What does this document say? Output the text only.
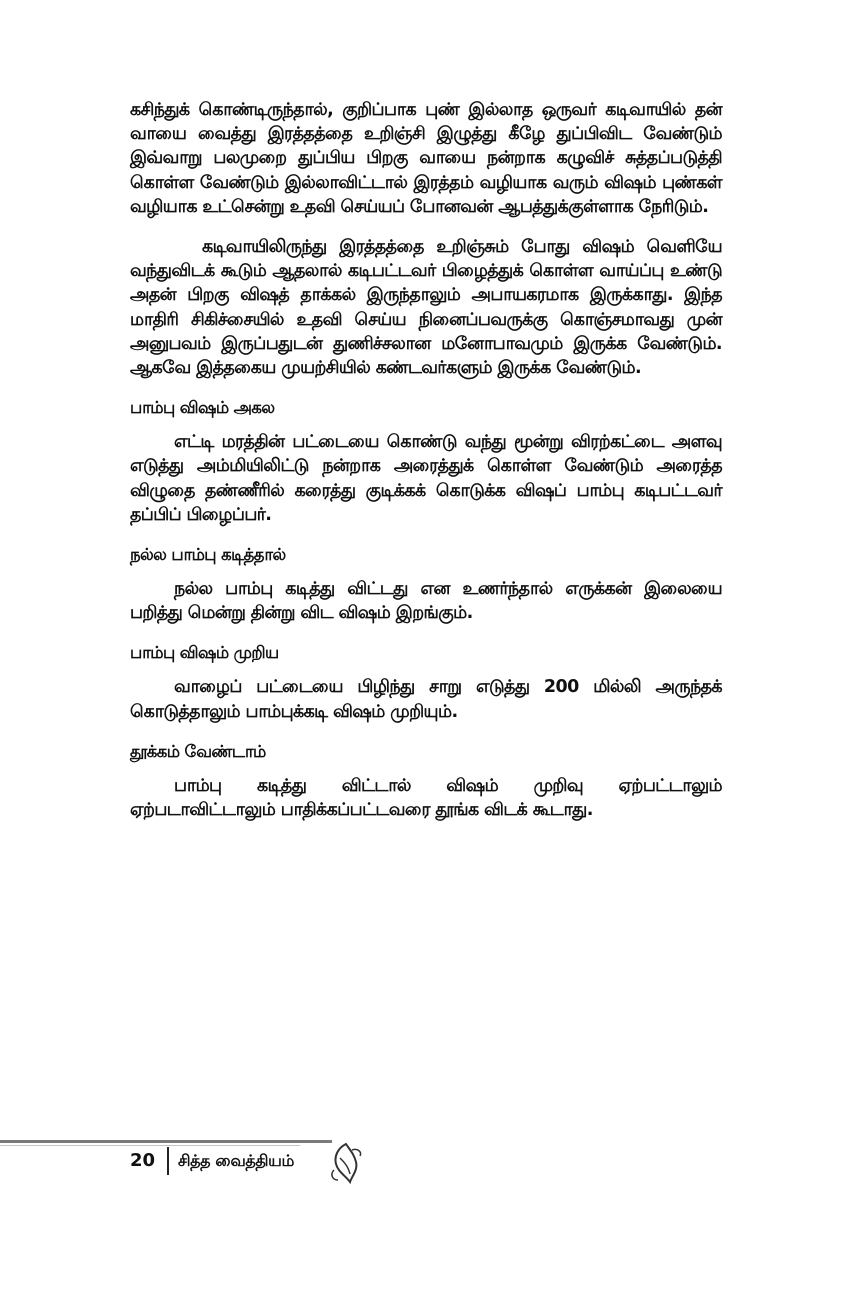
கசிந்துக் கொண்டிருந்தால், குறிப்பாக புண் இல்லாத ஒருவர் கடிவாயில் தன் வாயை வைத்து இரத்தத்தை உறிஞ்சி இழுத்து கீழே துப்பிவிட வேண்டும் இவ்வாறு பலமுறை துப்பிய பிறகு வாயை நன்றாக கழுவிச் சுத்தப்படுத்தி கொள்ள வேண்டும் இல்லாவிட்டால் இரத்தம் வழியாக வரும் விஷம் புண்கள் வழியாக உட்சென்று உதவி செய்யப் போனவன் ஆபத்துக்குள்ளாக நேரிடும்.

கடிவாயிலிருந்து இரத்தத்தை உறிஞ்சும் போது விஷம் வெளியே வந்துவிடக் கூடும் ஆதலால் கடிபட்டவர் பிழைத்துக் கொள்ள வாய்ப்பு உண்டு அதன் பிறகு விஷத் தாக்கல் இருந்தாலும் அபாயகரமாக இருக்காது. இந்த மாதிரி சிகிச்சையில் உதவி செய்ய நினைப்பவருக்கு கொஞ்சமாவது முன் அனுபவம் இருப்பதுடன் துணிச்சலான மனோபாவமும் இருக்க வேண்டும். ஆகவே இத்தகைய முயற்சியில் கண்டவர்களும் இருக்க வேண்டும்.

பாம்பு விஷம் அகல

எட்டி மரத்தின் பட்டையை கொண்டு வந்து மூன்று விரற்கட்டை அளவு எடுத்து அம்மியிலிட்டு நன்றாக அரைத்துக் கொள்ள வேண்டும் அரைத்த விழுதை தண்ணீரில் கரைத்து குடிக்கக் கொடுக்க விஷப் பாம்பு கடிபட்டவர் தப்பிப் பிழைப்பர்.

நல்ல பாம்பு கடித்தால்

நல்ல பாம்பு கடித்து விட்டது என உணர்ந்தால் எருக்கன் இலையை பறித்து மென்று தின்று விட விஷம் இறங்கும்.

பாம்பு விஷம் முறிய

வாழைப் பட்டையை பிழிந்து சாறு எடுத்து 200 மில்லி அருந்தக் கொடுத்தாலும் பாம்புக்கடி விஷம் முறியும்.

தூக்கம் வேண்டாம்

பாம்பு கடித்து விட்டால் விஷம் முறிவு ஏற்பட்டாலும் ஏற்படாவிட்டாலும் பாதிக்கப்பட்டவரை தூங்க விடக் கூடாது.

20 சித்த வைத்தியம்
